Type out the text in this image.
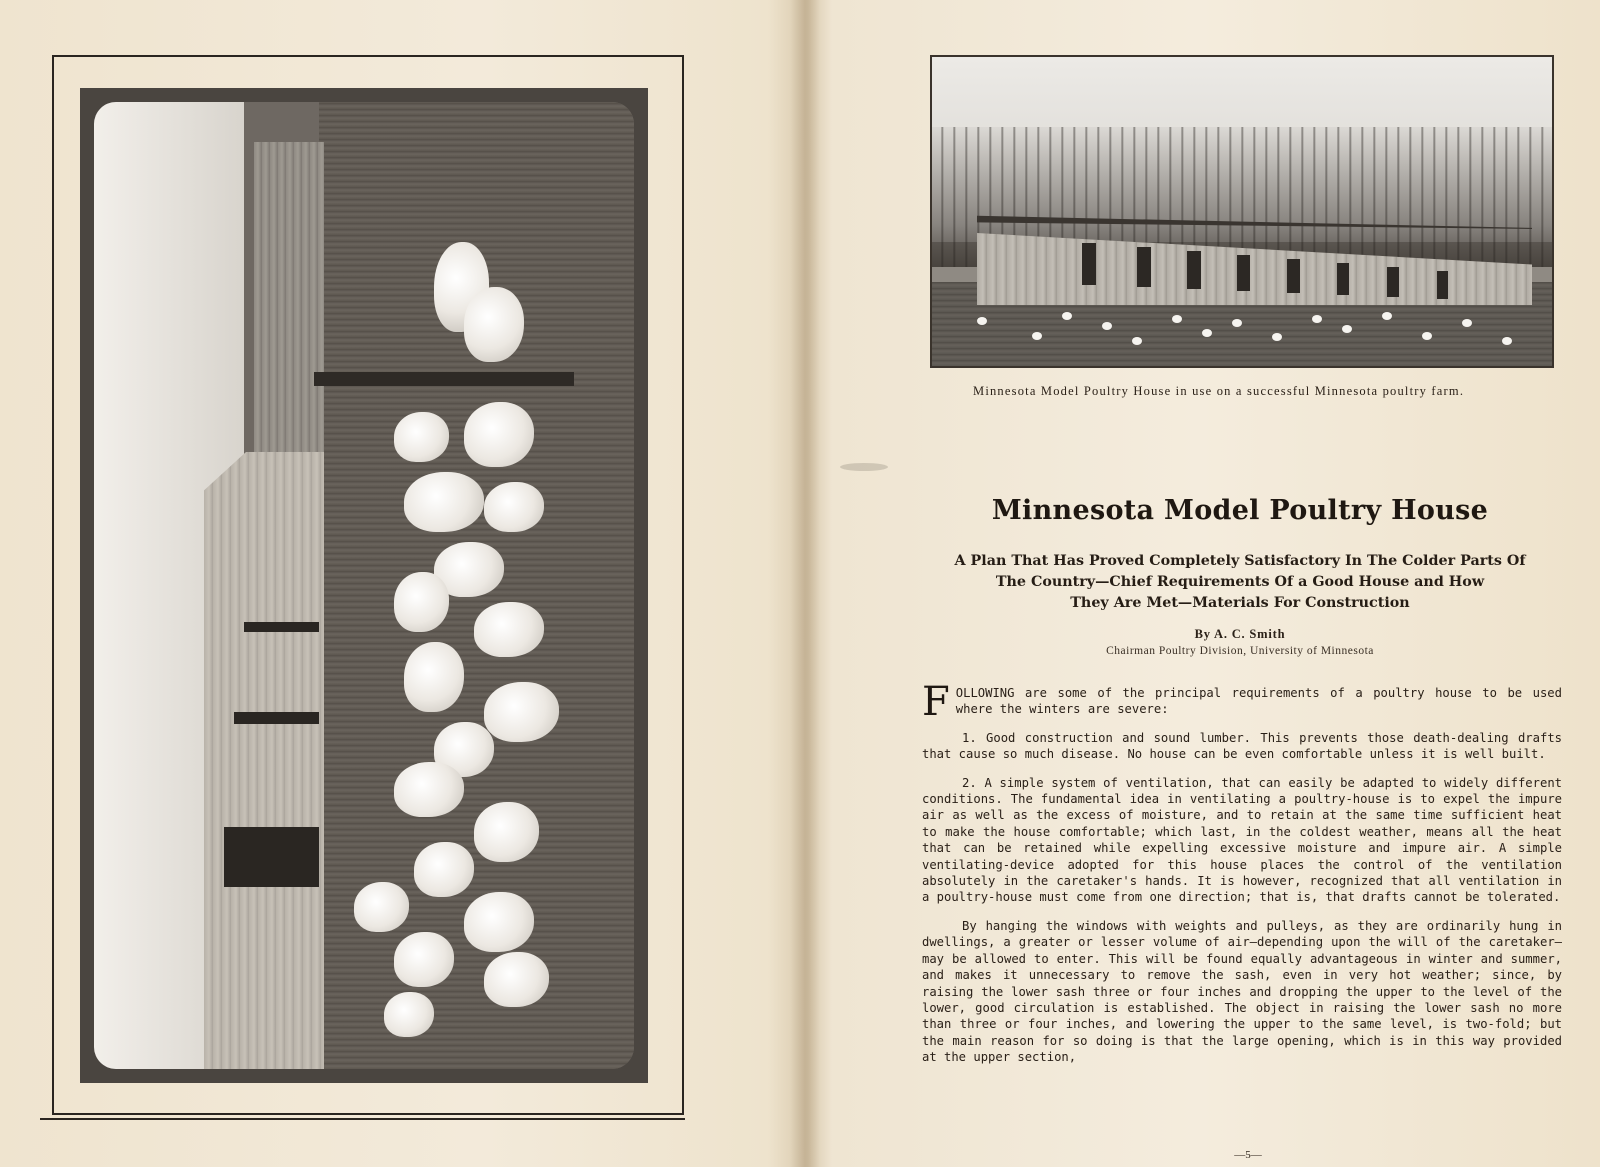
Minnesota Model Poultry House in use on a successful Minnesota poultry farm.

Minnesota Model Poultry House
A Plan That Has Proved Completely Satisfactory In The Colder Parts Of
The Country—Chief Requirements Of a Good House and How
They Are Met—Materials For Construction

By A. C. Smith

Chairman Poultry Division, University of Minnesota

FOLLOWING are some of the principal requirements of a poultry house to be used where the winters are severe:

1. Good construction and sound lumber. This prevents those death-dealing drafts that cause so much disease. No house can be even comfortable unless it is well built.

2. A simple system of ventilation, that can easily be adapted to widely different conditions. The fundamental idea in ventilating a poultry-house is to expel the impure air as well as the excess of moisture, and to retain at the same time sufficient heat to make the house comfortable; which last, in the coldest weather, means all the heat that can be retained while expelling excessive moisture and impure air. A simple ventilating-device adopted for this house places the control of the ventilation absolutely in the caretaker's hands. It is however, recognized that all ventilation in a poultry-house must come from one direction; that is, that drafts cannot be tolerated.

By hanging the windows with weights and pulleys, as they are ordinarily hung in dwellings, a greater or lesser volume of air—depending upon the will of the caretaker—may be allowed to enter. This will be found equally advantageous in winter and summer, and makes it unnecessary to remove the sash, even in very hot weather; since, by raising the lower sash three or four inches and dropping the upper to the level of the lower, good circulation is established. The object in raising the lower sash no more than three or four inches, and lowering the upper to the same level, is two-fold; but the main reason for so doing is that the large opening, which is in this way provided at the upper section,

—5—
